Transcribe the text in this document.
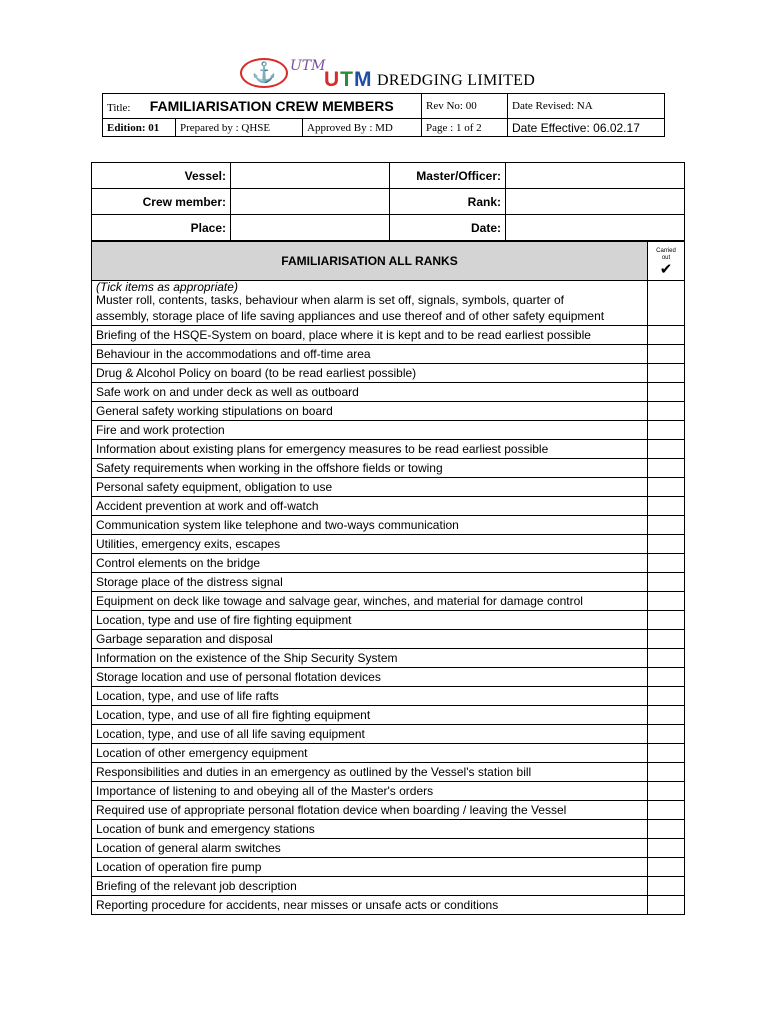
⚓ UTM
UTM DREDGING LIMITED
Title: FAMILIARISATION CREW MEMBERS			Rev No: 00	Date Revised: NA
Edition: 01	Prepared by : QHSE	Approved By : MD	Page : 1 of 2	Date Effective: 06.02.17
Vessel:		Master/Officer:	
Crew member:		Rank:	
Place:		Date:	
FAMILIARISATION ALL RANKS	Carried
out
✔

(Tick items as appropriate)
Muster roll, contents, tasks, behaviour when alarm is set off, signals, symbols, quarter of	
assembly, storage place of life saving appliances and use thereof and of other safety equipment	
Briefing of the HSQE-System on board, place where it is kept and to be read earliest possible	
Behaviour in the accommodations and off-time area	
Drug & Alcohol Policy on board (to be read earliest possible)	
Safe work on and under deck as well as outboard	
General safety working stipulations on board	
Fire and work protection	
Information about existing plans for emergency measures to be read earliest possible	
Safety requirements when working in the offshore fields or towing	
Personal safety equipment, obligation to use	
Accident prevention at work and off-watch	
Communication system like telephone and two-ways communication	
Utilities, emergency exits, escapes	
Control elements on the bridge	
Storage place of the distress signal	
Equipment on deck like towage and salvage gear, winches, and material for damage control	
Location, type and use of fire fighting equipment	
Garbage separation and disposal	
Information on the existence of the Ship Security System	
Storage location and use of personal flotation devices	
Location, type, and use of life rafts	
Location, type, and use of all fire fighting equipment	
Location, type, and use of all life saving equipment	
Location of other emergency equipment	
Responsibilities and duties in an emergency as outlined by the Vessel's station bill	
Importance of listening to and obeying all of the Master's orders	
Required use of appropriate personal flotation device when boarding / leaving the Vessel	
Location of bunk and emergency stations	
Location of general alarm switches	
Location of operation fire pump	
Briefing of the relevant job description	
Reporting procedure for accidents, near misses or unsafe acts or conditions	
